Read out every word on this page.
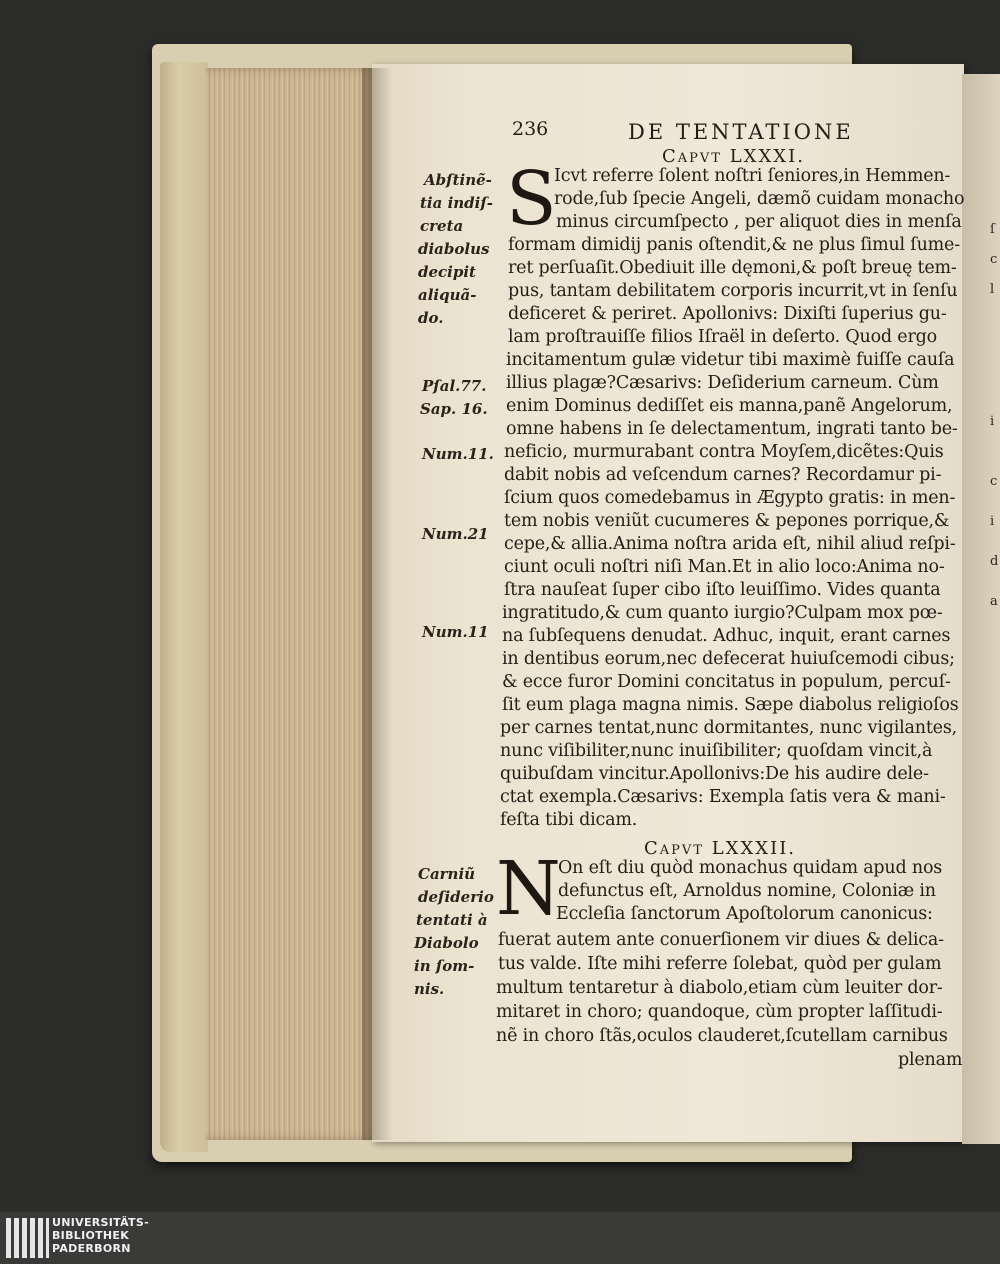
ſ
c
l
i
c
i
d
a
236	DE TENTATIONE
Capvt LXXXI.
S
Icvt referre ſolent noſtri ſeniores,in Hemmen-
rode,ſub ſpecie Angeli, dæmõ cuidam monacho
minus circumſpecto , per aliquot dies in menſa
formam dimidij panis oſtendit,& ne plus ſimul ſume-
ret perſuaſit.Obediuit ille dęmoni,& poſt breuę tem-
pus, tantam debilitatem corporis incurrit,vt in ſenſu
deficeret & periret. Apollonivs: Dixiſti ſuperius gu-
lam proſtrauiſſe filios Iſraël in deſerto. Quod ergo
incitamentum gulæ videtur tibi maximè fuiſſe cauſa
illius plagæ?Cæsarivs: Deſiderium carneum. Cùm
enim Dominus dediſſet eis manna,panẽ Angelorum,
omne habens in ſe delectamentum, ingrati tanto be-
neficio, murmurabant contra Moyſem,dicẽtes:Quis
dabit nobis ad veſcendum carnes? Recordamur pi-
ſcium quos comedebamus in Ægypto gratis: in men-
tem nobis veniũt cucumeres & pepones porrique,&
cepe,& allia.Anima noſtra arida eſt, nihil aliud reſpi-
ciunt oculi noſtri niſi Man.Et in alio loco:Anima no-
ſtra nauſeat ſuper cibo iſto leuiſſimo. Vides quanta
ingratitudo,& cum quanto iurgio?Culpam mox pœ-
na ſubſequens denudat. Adhuc, inquit, erant carnes
in dentibus eorum,nec defecerat huiuſcemodi cibus;
& ecce furor Domini concitatus in populum, percuſ-
ſit eum plaga magna nimis. Sæpe diabolus religioſos
per carnes tentat,nunc dormitantes, nunc vigilantes,
nunc viſibiliter,nunc inuiſibiliter; quoſdam vincit,à
quibuſdam vincitur.Apollonivs:De his audire dele-
ctat exempla.Cæsarivs: Exempla ſatis vera & mani-
feſta tibi dicam.
Capvt LXXXII.
N
On eſt diu quòd monachus quidam apud nos
defunctus eſt, Arnoldus nomine, Coloniæ in
Eccleſia ſanctorum Apoſtolorum canonicus:
fuerat autem ante conuerſionem vir diues & delica-
tus valde. Iſte mihi referre ſolebat, quòd per gulam
multum tentaretur à diabolo,etiam cùm leuiter dor-
mitaret in choro; quandoque, cùm propter laſſitudi-
nẽ in choro ſtãs,oculos clauderet,ſcutellam carnibus
plenam
Abſtinẽ-
tia indiſ-
creta
diabolus
decipit
aliquã-
do.
Pſal.77.
Sap. 16.
Num.11.
Num.21
Num.11
Carniũ
deſiderio
tentati à
Diabolo
in ſom-
nis.
UNIVERSITÄTS-
BIBLIOTHEK
PADERBORN
